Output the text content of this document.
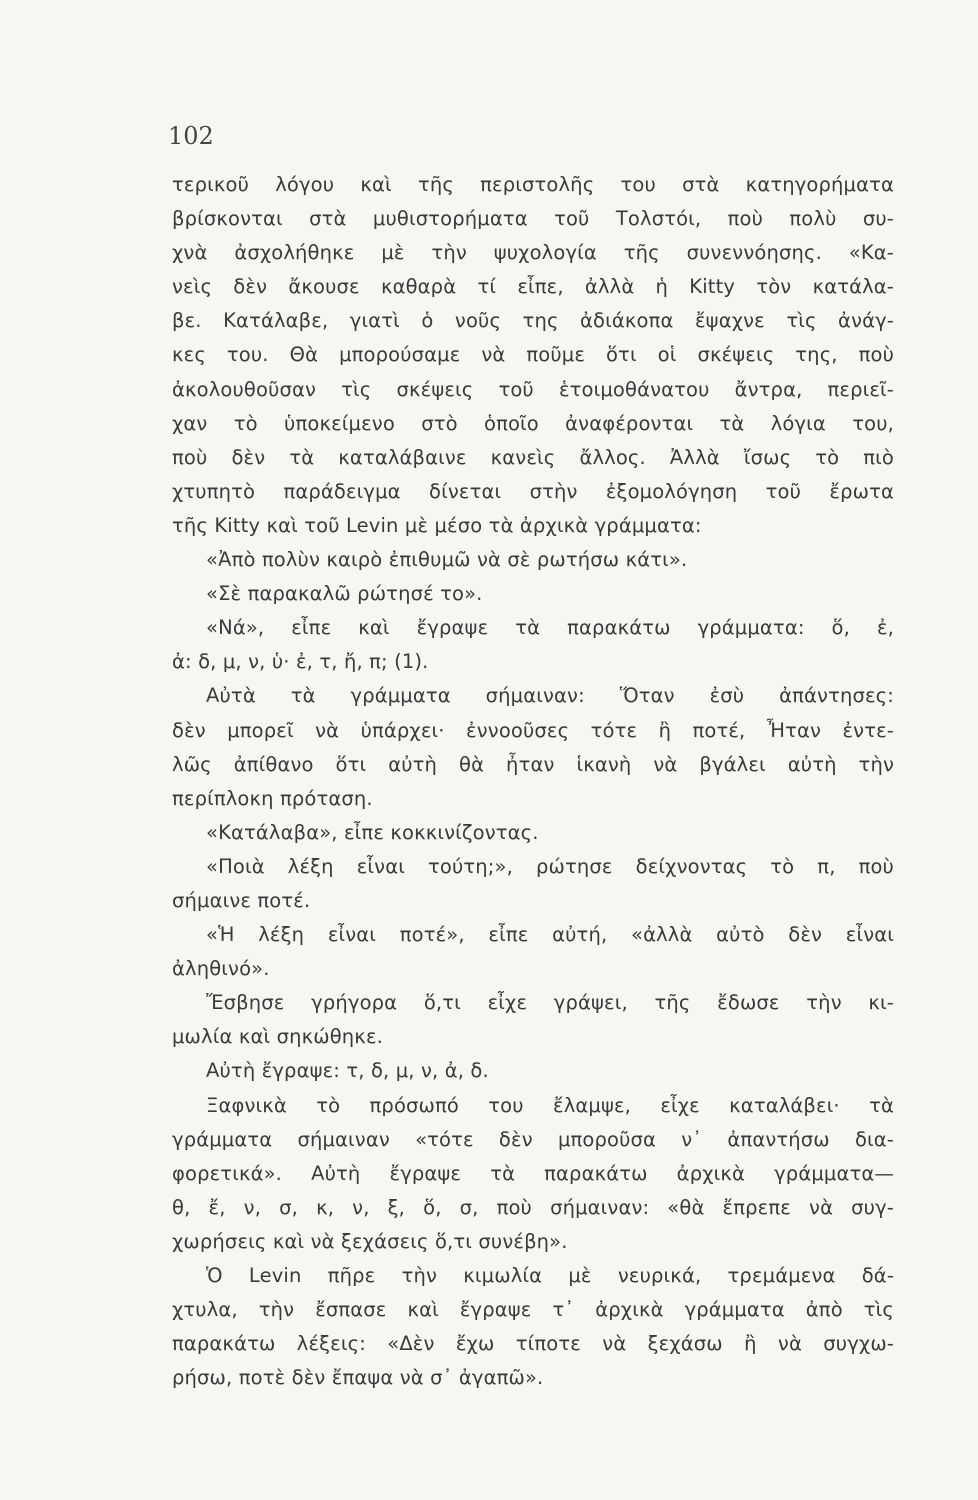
102
τερικοῦ λόγου καὶ τῆς περιστολῆς του στὰ κατηγορήματα
βρίσκονται στὰ μυθιστορήματα τοῦ Τολστόι, ποὺ πολὺ συ-
χνὰ ἀσχολήθηκε μὲ τὴν ψυχολογία τῆς συνεννόησης. «Κα-
νεὶς δὲν ἄκουσε καθαρὰ τί εἶπε, ἀλλὰ ἡ Kitty τὸν κατάλα-
βε. Κατάλαβε, γιατὶ ὁ νοῦς της ἀδιάκοπα ἔψαχνε τὶς ἀνάγ-
κες του. Θὰ μπορούσαμε νὰ ποῦμε ὅτι οἱ σκέψεις της, ποὺ
ἀκολουθοῦσαν τὶς σκέψεις τοῦ ἑτοιμοθάνατου ἄντρα, περιεῖ-
χαν τὸ ὑποκείμενο στὸ ὁποῖο ἀναφέρονται τὰ λόγια του,
ποὺ δὲν τὰ καταλάβαινε κανεὶς ἄλλος. Ἀλλὰ ἴσως τὸ πιὸ
χτυπητὸ παράδειγμα δίνεται στὴν ἐξομολόγηση τοῦ ἔρωτα
τῆς Kitty καὶ τοῦ Levin μὲ μέσο τὰ ἀρχικὰ γράμματα:
«Ἀπὸ πολὺν καιρὸ ἐπιθυμῶ νὰ σὲ ρωτήσω κάτι».
«Σὲ παρακαλῶ ρώτησέ το».
«Νά», εἶπε καὶ ἔγραψε τὰ παρακάτω γράμματα: ὅ, ἐ,
ἀ: δ, μ, ν, ὑ· ἐ, τ, ἤ, π; (1).
Αὐτὰ τὰ γράμματα σήμαιναν: Ὅταν ἐσὺ ἀπάντησες:
δὲν μπορεῖ νὰ ὑπάρχει· ἐννοοῦσες τότε ἢ ποτέ, Ἦταν ἐντε-
λῶς ἀπίθανο ὅτι αὐτὴ θὰ ἦταν ἱκανὴ νὰ βγάλει αὐτὴ τὴν
περίπλοκη πρόταση.
«Κατάλαβα», εἶπε κοκκινίζοντας.
«Ποιὰ λέξη εἶναι τούτη;», ρώτησε δείχνοντας τὸ π, ποὺ
σήμαινε ποτέ.
«Ἡ λέξη εἶναι ποτέ», εἶπε αὐτή, «ἀλλὰ αὐτὸ δὲν εἶναι
ἀληθινό».
Ἔσβησε γρήγορα ὅ,τι εἶχε γράψει, τῆς ἔδωσε τὴν κι-
μωλία καὶ σηκώθηκε.
Αὐτὴ ἔγραψε: τ, δ, μ, ν, ἀ, δ.
Ξαφνικὰ τὸ πρόσωπό του ἔλαμψε, εἶχε καταλάβει· τὰ
γράμματα σήμαιναν «τότε δὲν μποροῦσα ν᾽ ἀπαντήσω δια-
φορετικά». Αὐτὴ ἔγραψε τὰ παρακάτω ἀρχικὰ γράμματα—
θ, ἔ, ν, σ, κ, ν, ξ, ὅ, σ, ποὺ σήμαιναν: «θὰ ἔπρεπε νὰ συγ-
χωρήσεις καὶ νὰ ξεχάσεις ὅ,τι συνέβη».
Ὁ Levin πῆρε τὴν κιμωλία μὲ νευρικά, τρεμάμενα δά-
χτυλα, τὴν ἔσπασε καὶ ἔγραψε τ᾽ ἀρχικὰ γράμματα ἀπὸ τὶς
παρακάτω λέξεις: «Δὲν ἔχω τίποτε νὰ ξεχάσω ἢ νὰ συγχω-
ρήσω, ποτὲ δὲν ἔπαψα νὰ σ᾽ ἀγαπῶ».
